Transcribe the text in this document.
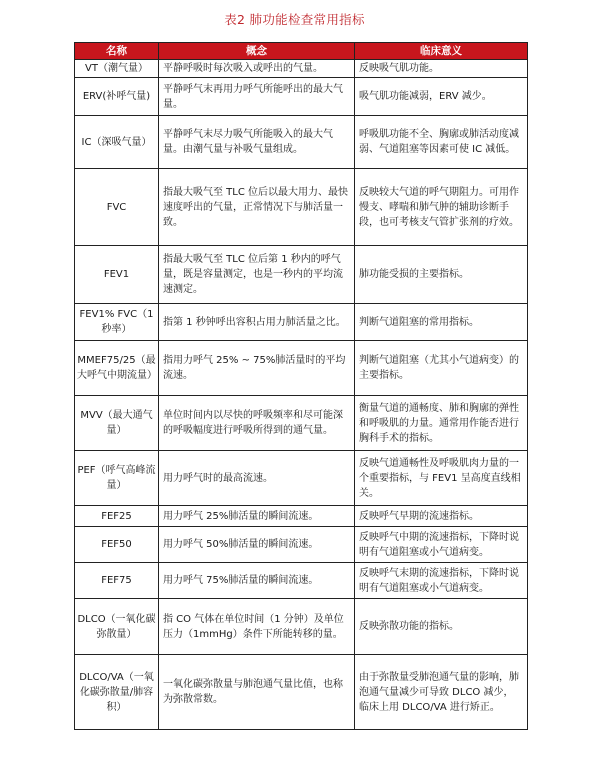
表2 肺功能检查常用指标
名称	概念	临床意义
VT（潮气量）	平静呼吸时每次吸入或呼出的气量。	反映吸气肌功能。
ERV(补呼气量)	平静呼气末再用力呼气所能呼出的最大气量。	吸气肌功能减弱，ERV 减少。
IC（深吸气量）	平静呼气末尽力吸气所能吸入的最大气量。由潮气量与补吸气量组成。	呼吸肌功能不全、胸廓或肺活动度减弱、气道阻塞等因素可使 IC 减低。
FVC	指最大吸气至 TLC 位后以最大用力、最快速度呼出的气量，正常情况下与肺活量一致。	反映较大气道的呼气期阻力。可用作慢支、哮喘和肺气肿的辅助诊断手段，也可考核支气管扩张剂的疗效。
FEV1	指最大吸气至 TLC 位后第 1 秒内的呼气量，既是容量测定，也是一秒内的平均流速测定。	肺功能受损的主要指标。
FEV1% FVC（1 秒率）	指第 1 秒钟呼出容积占用力肺活量之比。	判断气道阻塞的常用指标。
MMEF75/25（最大呼气中期流量）	指用力呼气 25% ~ 75%肺活量时的平均流速。	判断气道阻塞（尤其小气道病变）的主要指标。
MVV（最大通气量）	单位时间内以尽快的呼吸频率和尽可能深的呼吸幅度进行呼吸所得到的通气量。	衡量气道的通畅度、肺和胸廓的弹性和呼吸肌的力量。通常用作能否进行胸科手术的指标。
PEF（呼气高峰流量）	用力呼气时的最高流速。	反映气道通畅性及呼吸肌肉力量的一个重要指标，与 FEV1 呈高度直线相关。
FEF25	用力呼气 25%肺活量的瞬间流速。	反映呼气早期的流速指标。
FEF50	用力呼气 50%肺活量的瞬间流速。	反映呼气中期的流速指标，下降时说明有气道阻塞或小气道病变。
FEF75	用力呼气 75%肺活量的瞬间流速。	反映呼气末期的流速指标，下降时说明有气道阻塞或小气道病变。
DLCO（一氧化碳弥散量）	指 CO 气体在单位时间（1 分钟）及单位压力（1mmHg）条件下所能转移的量。	反映弥散功能的指标。
DLCO/VA（一氧化碳弥散量/肺容积）	一氧化碳弥散量与肺泡通气量比值，也称为弥散常数。	由于弥散量受肺泡通气量的影响，肺泡通气量减少可导致 DLCO 减少，临床上用 DLCO/VA 进行矫正。
